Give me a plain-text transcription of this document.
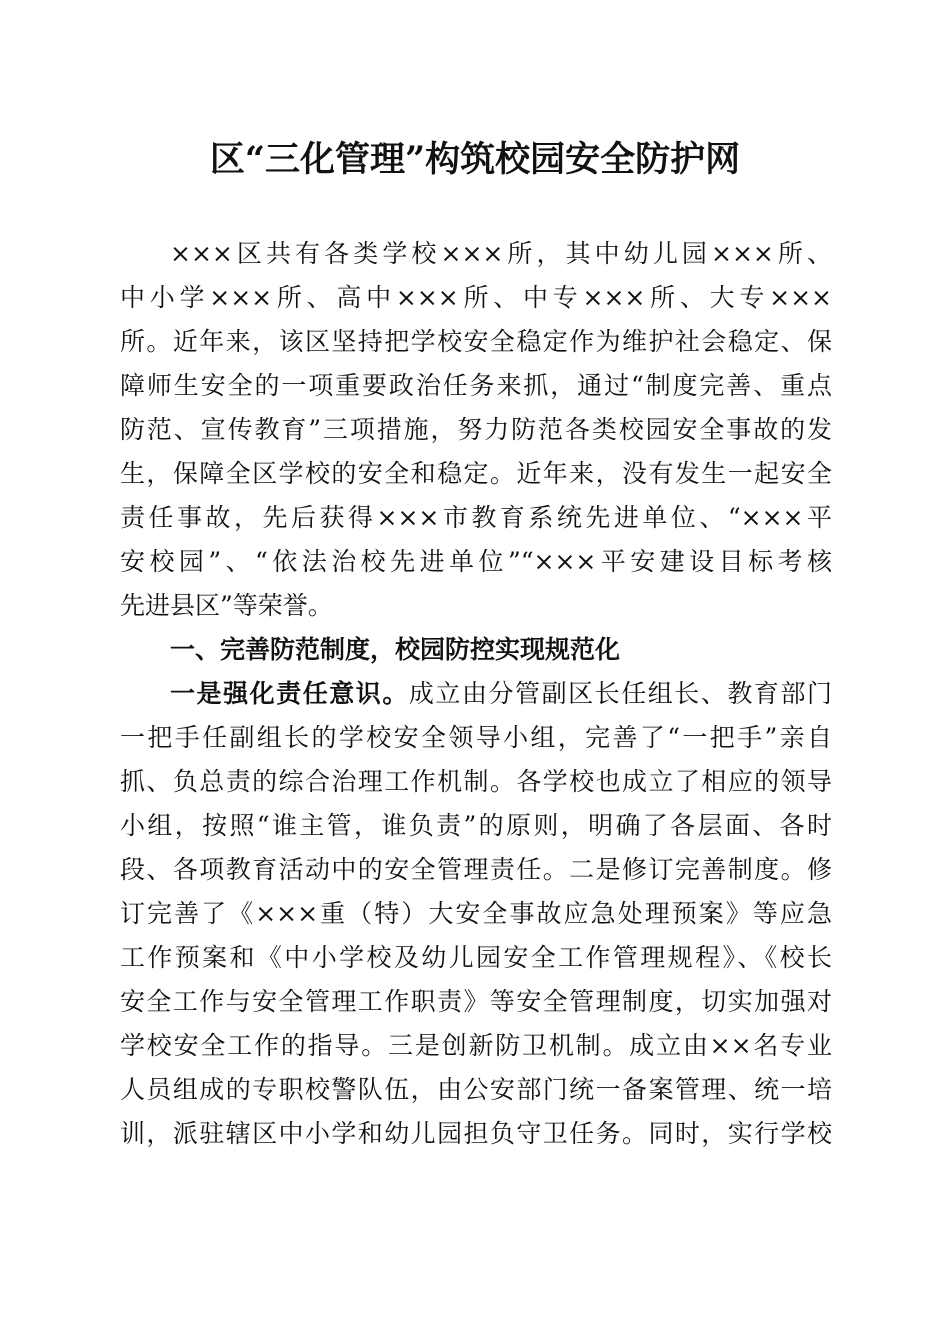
区“三化管理”构筑校园安全防护网
×××区共有各类学校×××所，其中幼儿园×××所、
中小学×××所、高中×××所、中专×××所、大专×××
所。近年来，该区坚持把学校安全稳定作为维护社会稳定、保
障师生安全的一项重要政治任务来抓，通过“制度完善、重点
防范、宣传教育”三项措施，努力防范各类校园安全事故的发
生，保障全区学校的安全和稳定。近年来，没有发生一起安全
责任事故，先后获得×××市教育系统先进单位、“×××平
安校园”、“依法治校先进单位”“×××平安建设目标考核
先进县区”等荣誉。
一、完善防范制度，校园防控实现规范化
一是强化责任意识。成立由分管副区长任组长、教育部门
一把手任副组长的学校安全领导小组，完善了“一把手”亲自
抓、负总责的综合治理工作机制。各学校也成立了相应的领导
小组，按照“谁主管，谁负责”的原则，明确了各层面、各时
段、各项教育活动中的安全管理责任。二是修订完善制度。修
订完善了《×××重（特）大安全事故应急处理预案》等应急
工作预案和《中小学校及幼儿园安全工作管理规程》、《校长
安全工作与安全管理工作职责》等安全管理制度，切实加强对
学校安全工作的指导。三是创新防卫机制。成立由××名专业
人员组成的专职校警队伍，由公安部门统一备案管理、统一培
训，派驻辖区中小学和幼儿园担负守卫任务。同时，实行学校
